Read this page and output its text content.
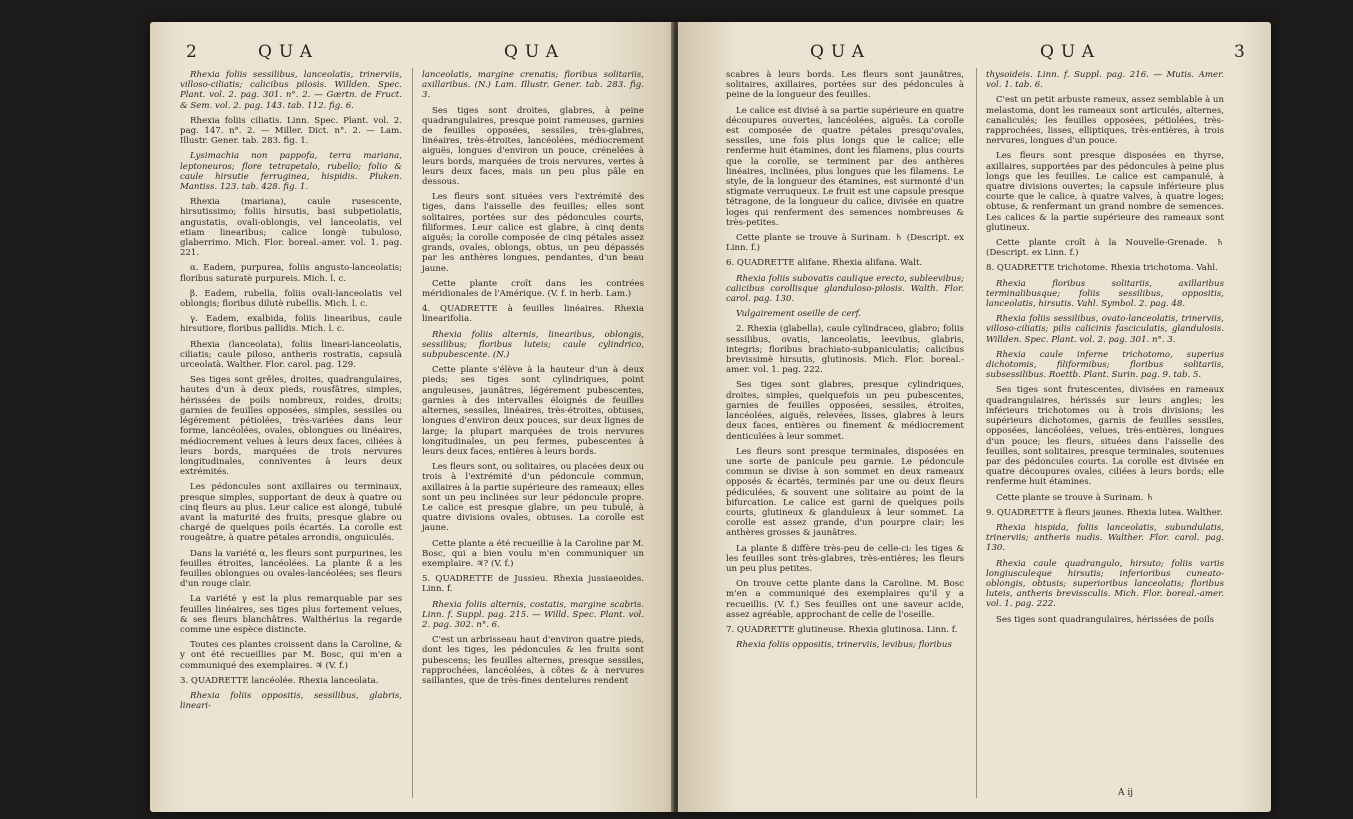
2	QUA	QUA

Rhexia foliis sessilibus, lanceolatis, trinerviis, villoso-ciliatis; calicibus pilosis. Willden. Spec. Plant. vol. 2. pag. 301. n°. 2. — Gærtn. de Fruct. & Sem. vol. 2. pag. 143. tab. 112. fig. 6.

Rhexia foliis ciliatis. Linn. Spec. Plant. vol. 2. pag. 147. n°. 2. — Miller. Dict. n°. 2. — Lam. Illustr. Gener. tab. 283. fig. 1.

Lysimachia non pappofa, terra mariana, leptoneuros; flore tetrapetalo, rubello; folio & caule hirsutie ferruginea, hispidis. Pluken. Mantiss. 123. tab. 428. fig. 1.

Rhexia (mariana), caule rusescente, hirsutissimo; foliis hirsutis, basi subpetiolatis, angustatis, ovali-oblongis, vel lanceolatis, vel etiam linearibus; calice longè tubuloso, glaberrimo. Mich. Flor. boreal.-amer. vol. 1. pag. 221.

α. Eadem, purpurea, foliis angusto-lanceolatis; floribus saturatè purpureis. Mich. l. c.

β. Eadem, rubella, foliis ovali-lanceolatis vel oblongis; floribus dilutè rubellis. Mich. l. c.

γ. Eadem, exalbida, foliis linearibus, caule hirsutiore, floribus pallidis. Mich. l. c.

Rhexia (lanceolata), foliis lineari-lanceolatis, ciliatis; caule piloso, antheris rostratis, capsulà urceolatà. Walther. Flor. carol. pag. 129.

Ses tiges sont grêles, droites, quadrangulaires, hautes d'un à deux pieds, rousfâtres, simples, hérissées de poils nombreux, roides, droits; garnies de feuilles opposées, simples, sessiles ou légérement pétiolées, très-variées dans leur forme, lancéolées, ovales, oblongues ou linéaires, médiocrement velues à leurs deux faces, ciliées à leurs bords, marquées de trois nervures longitudinales, conniventes à leurs deux extrémités.

Les pédoncules sont axillaires ou terminaux, presque simples, supportant de deux à quatre ou cinq fleurs au plus. Leur calice est alongé, tubulé avant la maturité des fruits, presque glabre ou chargé de quelques poils écartés. La corolle est rougeâtre, à quatre pétales arrondis, onguiculés.

Dans la variété α, les fleurs sont purpurines, les feuilles étroites, lancéolées. La plante ß a les feuilles oblongues ou ovales-lancéolées; ses fleurs d'un rouge clair.

La variété γ est la plus remarquable par ses feuilles linéaires, ses tiges plus fortement velues, & ses fleurs blanchâtres. Walthérius la regarde comme une espèce distincte.

Toutes ces plantes croissent dans la Caroline, & y ont été recueillies par M. Bosc, qui m'en a communiqué des exemplaires. ♃ (V. f.)

3. QUADRETTE lancéolée. Rhexia lanceolata.

Rhexia foliis oppositis, sessilibus, glabris, lineari-

lanceolatis, margine crenatis; floribus solitariis, axillaribus. (N.) Lam. Illustr. Gener. tab. 283. fig. 3.

Ses tiges sont droites, glabres, à peine quadrangulaires, presque point rameuses, garnies de feuilles opposées, sessiles, très-glabres, linéaires, très-étroites, lancéolées, médiocrement aiguës, longues d'environ un pouce, crénelées à leurs bords, marquées de trois nervures, vertes à leurs deux faces, mais un peu plus pâle en dessous.

Les fleurs sont situées vers l'extrémité des tiges, dans l'aisselle des feuilles; elles sont solitaires, portées sur des pédoncules courts, filiformes. Leur calice est glabre, à cinq dents aiguës; la corolle composée de cinq pétales assez grands, ovales, oblongs, obtus, un peu dépassés par les anthères longues, pendantes, d'un beau jaune.

Cette plante croît dans les contrées méridionales de l'Amérique. (V. f. in herb. Lam.)

4. QUADRETTE à feuilles linéaires. Rhexia linearifolia.

Rhexia foliis alternis, linearibus, oblongis, sessilibus; floribus luteis; caule cylindrico, subpubescente. (N.)

Cette plante s'élève à la hauteur d'un à deux pieds; ses tiges sont cylindriques, point anguleuses, jaunâtres, légérement pubescentes, garnies à des intervalles éloignés de feuilles alternes, sessiles, linéaires, très-étroites, obtuses, longues d'environ deux pouces, sur deux lignes de large; la plupart marquées de trois nervures longitudinales, un peu fermes, pubescentes à leurs deux faces, entières à leurs bords.

Les fleurs sont, ou solitaires, ou placées deux ou trois à l'extrémité d'un pédoncule commun, axillaires à la partie supérieure des rameaux; elles sont un peu inclinées sur leur pédoncule propre. Le calice est presque glabre, un peu tubulé, à quatre divisions ovales, obtuses. La corolle est jaune.

Cette plante a été recueillie à la Caroline par M. Bosc, qui a bien voulu m'en communiquer un exemplaire. ♃? (V. f.)

5. QUADRETTE de Jussieu. Rhexia jussiaeoides. Linn. f.

Rhexia foliis alternis, costatis, margine scabris. Linn. f. Suppl. pag. 215. — Willd. Spec. Plant. vol. 2. pag. 302. n°. 6.

C'est un arbrisseau haut d'environ quatre pieds, dont les tiges, les pédoncules & les fruits sont pubescens; les feuilles alternes, presque sessiles, rapprochées, lancéolées, à côtes & à nervures saillantes, que de très-fines dentelures rendent

QUA	QUA	3

scabres à leurs bords. Les fleurs sont jaunâtres, solitaires, axillaires, portées sur des pédoncules à peine de la longueur des feuilles.

Le calice est divisé à sa partie supérieure en quatre découpures ouvertes, lancéolées, aiguës. La corolle est composée de quatre pétales presqu'ovales, sessiles, une fois plus longs que le calice; elle renferme huit étamines, dont les filamens, plus courts que la corolle, se terminent par des anthères linéaires, inclinées, plus longues que les filamens. Le style, de la longueur des étamines, est surmonté d'un stigmate verruqueux. Le fruit est une capsule presque tétragone, de la longueur du calice, divisée en quatre loges qui renferment des semences nombreuses & très-petites.

Cette plante se trouve à Surinam. ♄ (Descript. ex Linn. f.)

6. QUADRETTE alifane. Rhexia alifana. Walt.

Rhexia foliis subovatis caulique erecto, subleevibus; calicibus corollisque glanduloso-pilosis. Walth. Flor. carol. pag. 130.

Vulgairement oseille de cerf.

2. Rhexia (glabella), caule cylindraceo, glabro; foliis sessilibus, ovatis, lanceolatis, leevibus, glabris, integris; floribus brachiato-subpaniculatis; calicibus brevissimè hirsutis, glutinosis. Mich. Flor. boreal.-amer. vol. 1. pag. 222.

Ses tiges sont glabres, presque cylindriques, droites, simples, quelquefois un peu pubescentes, garnies de feuilles opposées, sessiles, étroites, lancéolées, aiguës, relevées, lisses, glabres à leurs deux faces, entières ou finement & médiocrement denticulées à leur sommet.

Les fleurs sont presque terminales, disposées en une sorte de panicule peu garnie. Le pédoncule commun se divise à son sommet en deux rameaux opposés & écartés, terminés par une ou deux fleurs pédiculées, & souvent une solitaire au point de la bifurcation. Le calice est garni de quelques poils courts, glutineux & glanduleux à leur sommet. La corolle est assez grande, d'un pourpre clair; les anthères grosses & jaunâtres.

La plante ß diffère très-peu de celle-ci: les tiges & les feuilles sont très-glabres, très-entières; les fleurs un peu plus petites.

On trouve cette plante dans la Caroline. M. Bosc m'en a communiqué des exemplaires qu'il y a recueillis. (V. f.) Ses feuilles ont une saveur acide, assez agréable, approchant de celle de l'oseille.

7. QUADRETTE glutineuse. Rhexia glutinosa. Linn. f.

Rhexia foliis oppositis, trinerviis, levibus; floribus

thysoideis. Linn. f. Suppl. pag. 216. — Mutis. Amer. vol. 1. tab. 6.

C'est un petit arbuste rameux, assez semblable à un melastoma, dont les rameaux sont articulés, alternes, canaliculés; les feuilles opposées, pétiolées, très-rapprochées, lisses, elliptiques, très-entières, à trois nervures, longues d'un pouce.

Les fleurs sont presque disposées en thyrse, axillaires, supportées par des pédoncules à peine plus longs que les feuilles. Le calice est campanulé, à quatre divisions ouvertes; la capsule inférieure plus courte que le calice, à quatre valves, à quatre loges; obtuse, & renfermant un grand nombre de semences. Les calices & la partie supérieure des rameaux sont glutineux.

Cette plante croît à la Nouvelle-Grenade. ♄ (Descript. ex Linn. f.)

8. QUADRETTE trichotome. Rhexia trichotoma. Vahl.

Rhexia floribus solitariis, axillaribus terminalibusque; foliis sessilibus, oppositis, lanceolatis, hirsutis. Vahl. Symbol. 2. pag. 48.

Rhexia foliis sessilibus, ovato-lanceolatis, trinerviis, villoso-ciliatis; pilis calicinis fasciculatis, glandulosis. Willden. Spec. Plant. vol. 2. pag. 301. n°. 3.

Rhexia caule inferne trichotomo, superius dichotomis, filiformibus; floribus solitariis, subsessilibus. Roettb. Plant. Surin. pag. 9. tab. 5.

Ses tiges sont frutescentes, divisées en rameaux quadrangulaires, hérissés sur leurs angles; les inférieurs trichotomes ou à trois divisions; les supérieurs dichotomes, garnis de feuilles sessiles, opposées, lancéolées, velues, très-entières, longues d'un pouce; les fleurs, situées dans l'aisselle des feuilles, sont solitaires, presque terminales, soutenues par des pédoncules courts. La corolle est divisée en quatre découpures ovales, ciliées à leurs bords; elle renferme huit étamines.

Cette plante se trouve à Surinam. ♄

9. QUADRETTE à fleurs jaunes. Rhexia lutea. Walther.

Rhexia hispida, foliis lanceolatis, subundulatis, trinerviis; antheris nudis. Walther. Flor. carol. pag. 130.

Rhexia caule quadrangulo, hirsuto; foliis variis longiusculeque hirsutis; inferioribus cuneato-oblongis, obtusis; superioribus lanceolatis; floribus luteis, antheris brevissculis. Mich. Flor. boreal.-amer. vol. 1. pag. 222.

Ses tiges sont quadrangulaires, hérissées de poils

A ij
